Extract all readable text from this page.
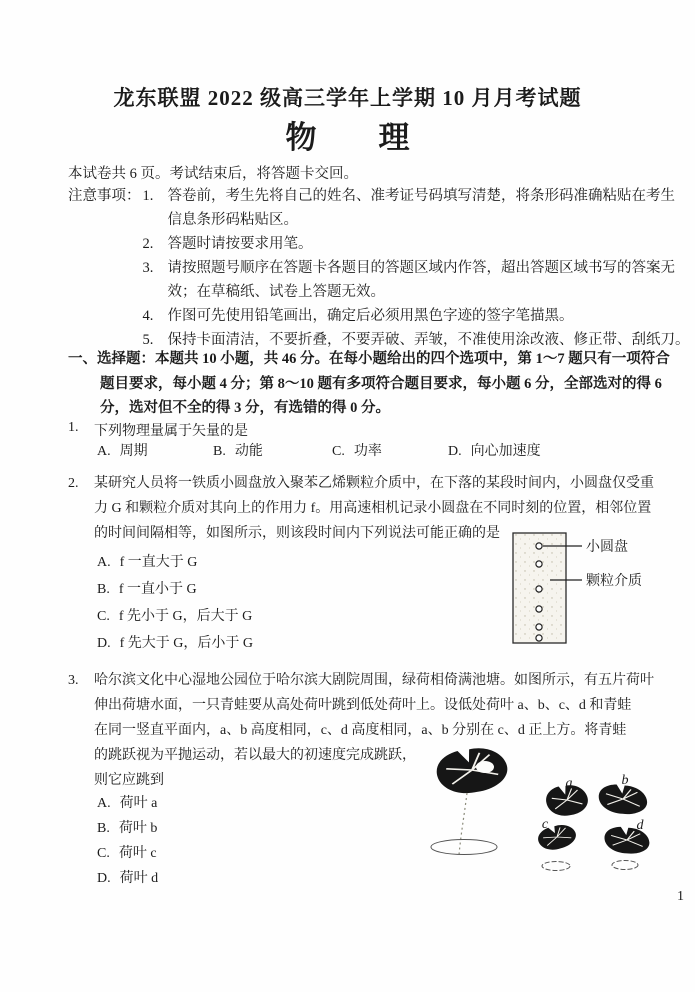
龙东联盟 2022 级高三学年上学期 10 月月考试题
物　　理
本试卷共 6 页。考试结束后，将答题卡交回。
注意事项： 1. 答卷前，考生先将自己的姓名、准考证号码填写清楚，将条形码准确粘贴在考生
信息条形码粘贴区。
2. 答题时请按要求用笔。
3. 请按照题号顺序在答题卡各题目的答题区域内作答，超出答题区域书写的答案无
效；在草稿纸、试卷上答题无效。
4. 作图可先使用铅笔画出，确定后必须用黑色字迹的签字笔描黑。
5. 保持卡面清洁，不要折叠，不要弄破、弄皱，不准使用涂改液、修正带、刮纸刀。
一、选择题：本题共 10 小题，共 46 分。在每小题给出的四个选项中，第 1～7 题只有一项符合
题目要求，每小题 4 分；第 8～10 题有多项符合题目要求，每小题 6 分，全部选对的得 6
分，选对但不全的得 3 分，有选错的得 0 分。
1.	下列物理量属于矢量的是
A. 周期	B. 动能	C. 功率	D. 向心加速度
2.	某研究人员将一铁质小圆盘放入聚苯乙烯颗粒介质中，在下落的某段时间内，小圆盘仅受重
力 G 和颗粒介质对其向上的作用力 f。用高速相机记录小圆盘在不同时刻的位置，相邻位置
的时间间隔相等，如图所示，则该段时间内下列说法可能正确的是
A. f 一直大于 G
B. f 一直小于 G
C. f 先小于 G，后大于 G
D. f 先大于 G，后小于 G
小圆盘
颗粒介质
3.	哈尔滨文化中心湿地公园位于哈尔滨大剧院周围，绿荷相倚满池塘。如图所示，有五片荷叶
伸出荷塘水面，一只青蛙要从高处荷叶跳到低处荷叶上。设低处荷叶 a、b、c、d 和青蛙
在同一竖直平面内，a、b 高度相同，c、d 高度相同，a、b 分别在 c、d 正上方。将青蛙
的跳跃视为平抛运动，若以最大的初速度完成跳跃，
则它应跳到
A. 荷叶 a
B. 荷叶 b
C. 荷叶 c
D. 荷叶 d
a	b
c	d
1
